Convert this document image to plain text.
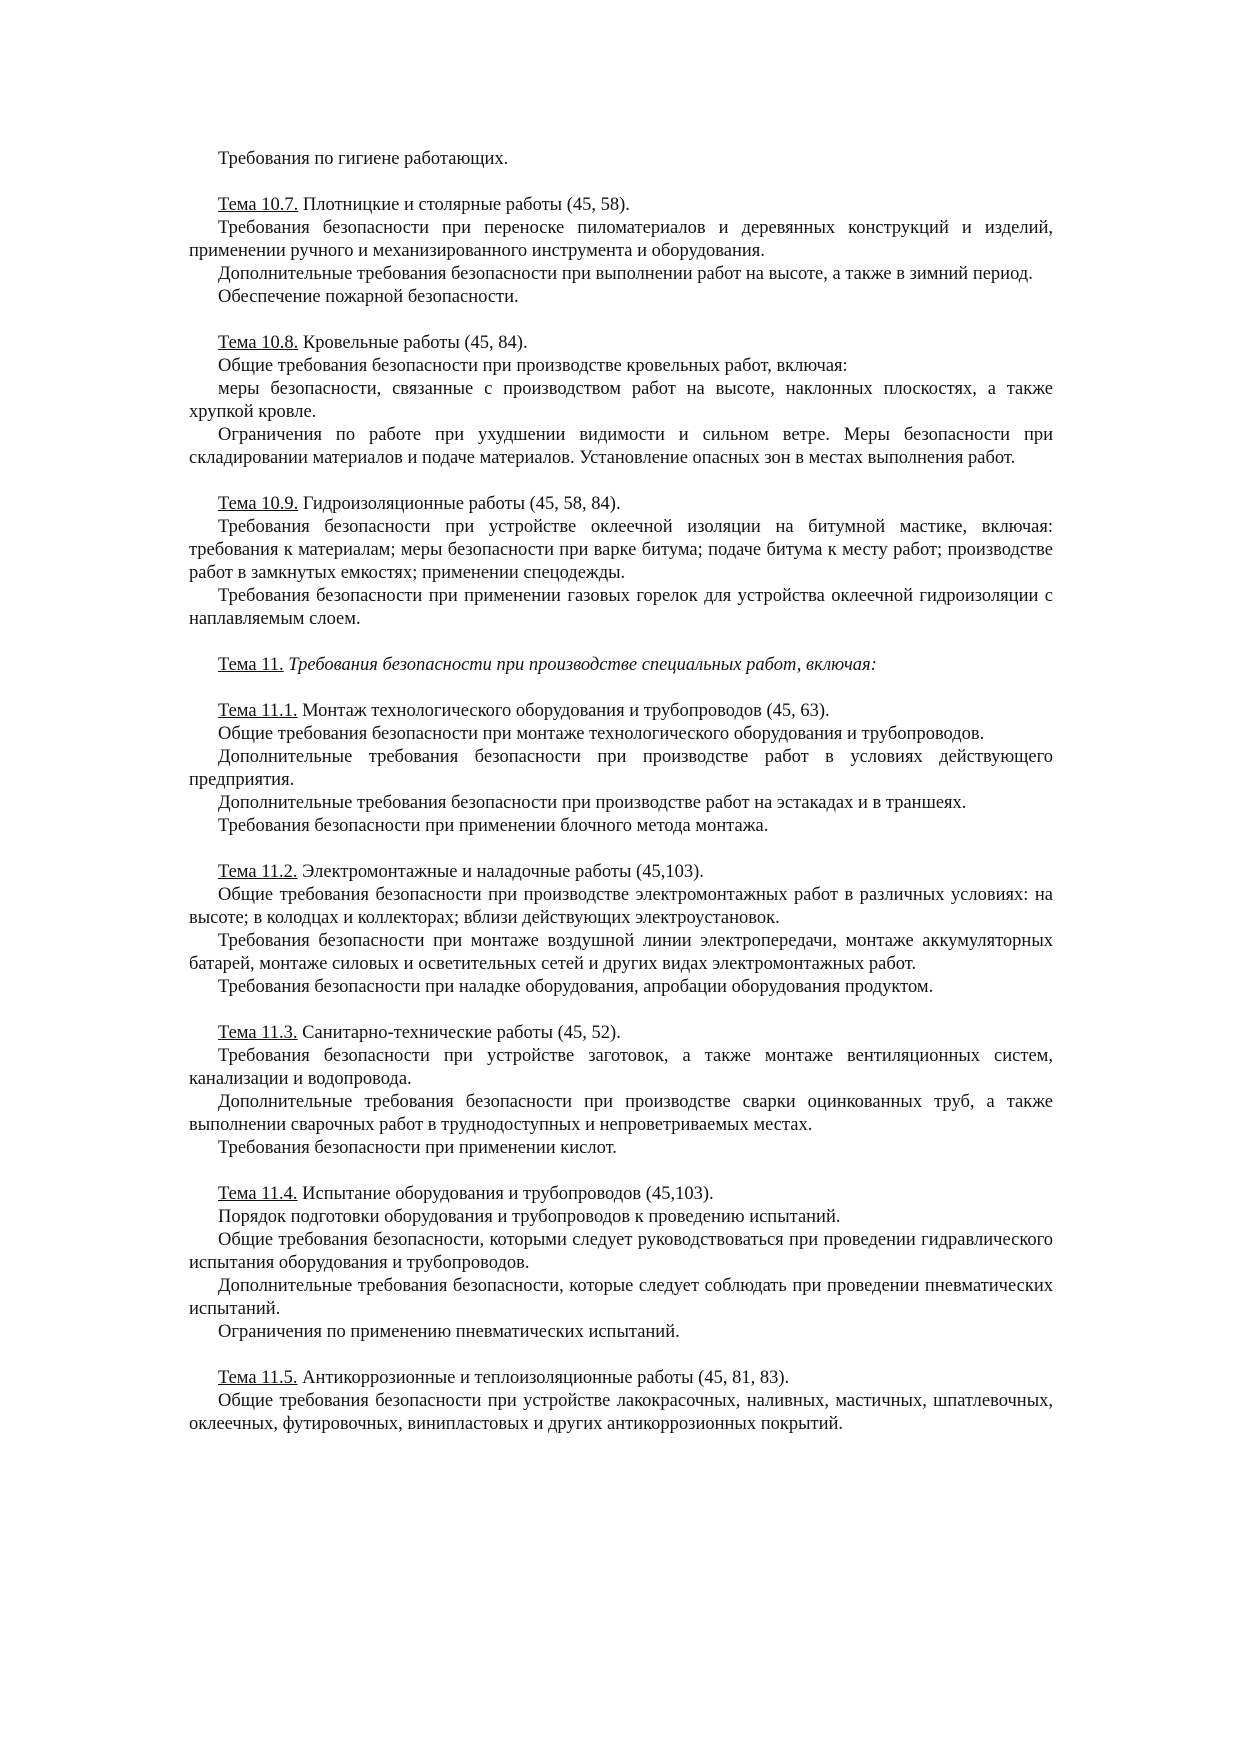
Требования по гигиене работающих.

Тема 10.7. Плотницкие и столярные работы (45, 58).

Требования безопасности при переноске пиломатериалов и деревянных конструкций и изделий, применении ручного и механизированного инструмента и оборудования.

Дополнительные требования безопасности при выполнении работ на высоте, а также в зимний период.

Обеспечение пожарной безопасности.

Тема 10.8. Кровельные работы (45, 84).

Общие требования безопасности при производстве кровельных работ, включая:

меры безопасности, связанные с производством работ на высоте, наклонных плоскостях, а также хрупкой кровле.

Ограничения по работе при ухудшении видимости и сильном ветре. Меры безопасности при складировании материалов и подаче материалов. Установление опасных зон в местах выполнения работ.

Тема 10.9. Гидроизоляционные работы (45, 58, 84).

Требования безопасности при устройстве оклеечной изоляции на битумной мастике, включая: требования к материалам; меры безопасности при варке битума; подаче битума к месту работ; производстве работ в замкнутых емкостях; применении спецодежды.

Требования безопасности при применении газовых горелок для устройства оклеечной гидроизоляции с наплавляемым слоем.

Тема 11. Требования безопасности при производстве специальных работ, включая:

Тема 11.1. Монтаж технологического оборудования и трубопроводов (45, 63).

Общие требования безопасности при монтаже технологического оборудования и трубопроводов.

Дополнительные требования безопасности при производстве работ в условиях действующего предприятия.

Дополнительные требования безопасности при производстве работ на эстакадах и в траншеях.

Требования безопасности при применении блочного метода монтажа.

Тема 11.2. Электромонтажные и наладочные работы (45,103).

Общие требования безопасности при производстве электромонтажных работ в различных условиях: на высоте; в колодцах и коллекторах; вблизи действующих электроустановок.

Требования безопасности при монтаже воздушной линии электропередачи, монтаже аккумуляторных батарей, монтаже силовых и осветительных сетей и других видах электромонтажных работ.

Требования безопасности при наладке оборудования, апробации оборудования продуктом.

Тема 11.3. Санитарно-технические работы (45, 52).

Требования безопасности при устройстве заготовок, а также монтаже вентиляционных систем, канализации и водопровода.

Дополнительные требования безопасности при производстве сварки оцинкованных труб, а также выполнении сварочных работ в труднодоступных и непроветриваемых местах.

Требования безопасности при применении кислот.

Тема 11.4. Испытание оборудования и трубопроводов (45,103).

Порядок подготовки оборудования и трубопроводов к проведению испытаний.

Общие требования безопасности, которыми следует руководствоваться при проведении гидравлического испытания оборудования и трубопроводов.

Дополнительные требования безопасности, которые следует соблюдать при проведении пневматических испытаний.

Ограничения по применению пневматических испытаний.

Тема 11.5. Антикоррозионные и теплоизоляционные работы (45, 81, 83).

Общие требования безопасности при устройстве лакокрасочных, наливных, мастичных, шпатлевочных, оклеечных, футировочных, винипластовых и других антикоррозионных покрытий.
